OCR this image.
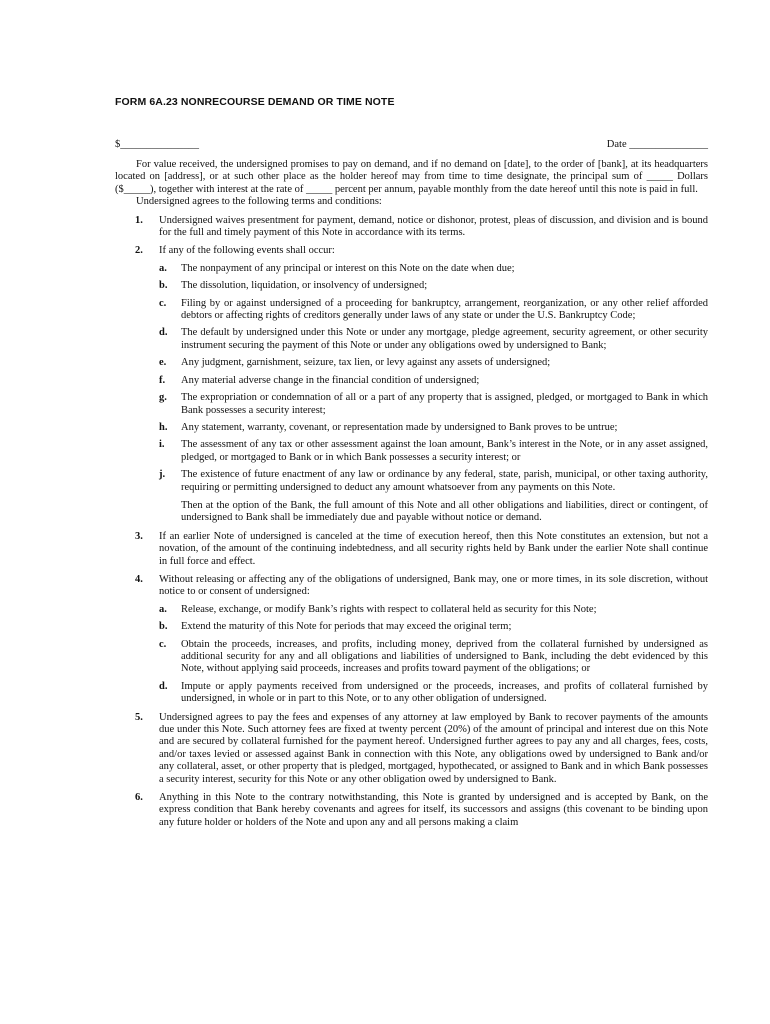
FORM 6A.23 NONRECOURSE DEMAND OR TIME NOTE
$_______________	Date _______________

For value received, the undersigned promises to pay on demand, and if no demand on [date], to the order of [bank], at its headquarters located on [address], or at such other place as the holder hereof may from time to time designate, the principal sum of _____ Dollars ($_____), together with interest at the rate of _____ percent per annum, payable monthly from the date hereof until this note is paid in full.

Undersigned agrees to the following terms and conditions:

1. Undersigned waives presentment for payment, demand, notice or dishonor, protest, pleas of discussion, and division and is bound for the full and timely payment of this Note in accordance with its terms.
2. If any of the following events shall occur:
a. The nonpayment of any principal or interest on this Note on the date when due;
b. The dissolution, liquidation, or insolvency of undersigned;
c. Filing by or against undersigned of a proceeding for bankruptcy, arrangement, reorganization, or any other relief afforded debtors or affecting rights of creditors generally under laws of any state or under the U.S. Bankruptcy Code;
d. The default by undersigned under this Note or under any mortgage, pledge agreement, security agreement, or other security instrument securing the payment of this Note or under any obligations owed by undersigned to Bank;
e. Any judgment, garnishment, seizure, tax lien, or levy against any assets of undersigned;
f. Any material adverse change in the financial condition of undersigned;
g. The expropriation or condemnation of all or a part of any property that is assigned, pledged, or mortgaged to Bank in which Bank possesses a security interest;
h. Any statement, warranty, covenant, or representation made by undersigned to Bank proves to be untrue;
i. The assessment of any tax or other assessment against the loan amount, Bank’s interest in the Note, or in any asset assigned, pledged, or mortgaged to Bank or in which Bank possesses a security interest; or
j. The existence of future enactment of any law or ordinance by any federal, state, parish, municipal, or other taxing authority, requiring or permitting undersigned to deduct any amount whatsoever from any payments on this Note.
Then at the option of the Bank, the full amount of this Note and all other obligations and liabilities, direct or contingent, of undersigned to Bank shall be immediately due and payable without notice or demand.
3. If an earlier Note of undersigned is canceled at the time of execution hereof, then this Note constitutes an extension, but not a novation, of the amount of the continuing indebtedness, and all security rights held by Bank under the earlier Note shall continue in full force and effect.
4. Without releasing or affecting any of the obligations of undersigned, Bank may, one or more times, in its sole discretion, without notice to or consent of undersigned:
a. Release, exchange, or modify Bank’s rights with respect to collateral held as security for this Note;
b. Extend the maturity of this Note for periods that may exceed the original term;
c. Obtain the proceeds, increases, and profits, including money, deprived from the collateral furnished by undersigned as additional security for any and all obligations and liabilities of undersigned to Bank, including the debt evidenced by this Note, without applying said proceeds, increases and profits toward payment of the obligations; or
d. Impute or apply payments received from undersigned or the proceeds, increases, and profits of collateral furnished by undersigned, in whole or in part to this Note, or to any other obligation of undersigned.
5. Undersigned agrees to pay the fees and expenses of any attorney at law employed by Bank to recover payments of the amounts due under this Note. Such attorney fees are fixed at twenty percent (20%) of the amount of principal and interest due on this Note and are secured by collateral furnished for the payment hereof. Undersigned further agrees to pay any and all charges, fees, costs, and/or taxes levied or assessed against Bank in connection with this Note, any obligations owed by undersigned to Bank and/or any collateral, asset, or other property that is pledged, mortgaged, hypothecated, or assigned to Bank and in which Bank possesses a security interest, security for this Note or any other obligation owed by undersigned to Bank.
6. Anything in this Note to the contrary notwithstanding, this Note is granted by undersigned and is accepted by Bank, on the express condition that Bank hereby covenants and agrees for itself, its successors and assigns (this covenant to be binding upon any future holder or holders of the Note and upon any and all persons making a claim
